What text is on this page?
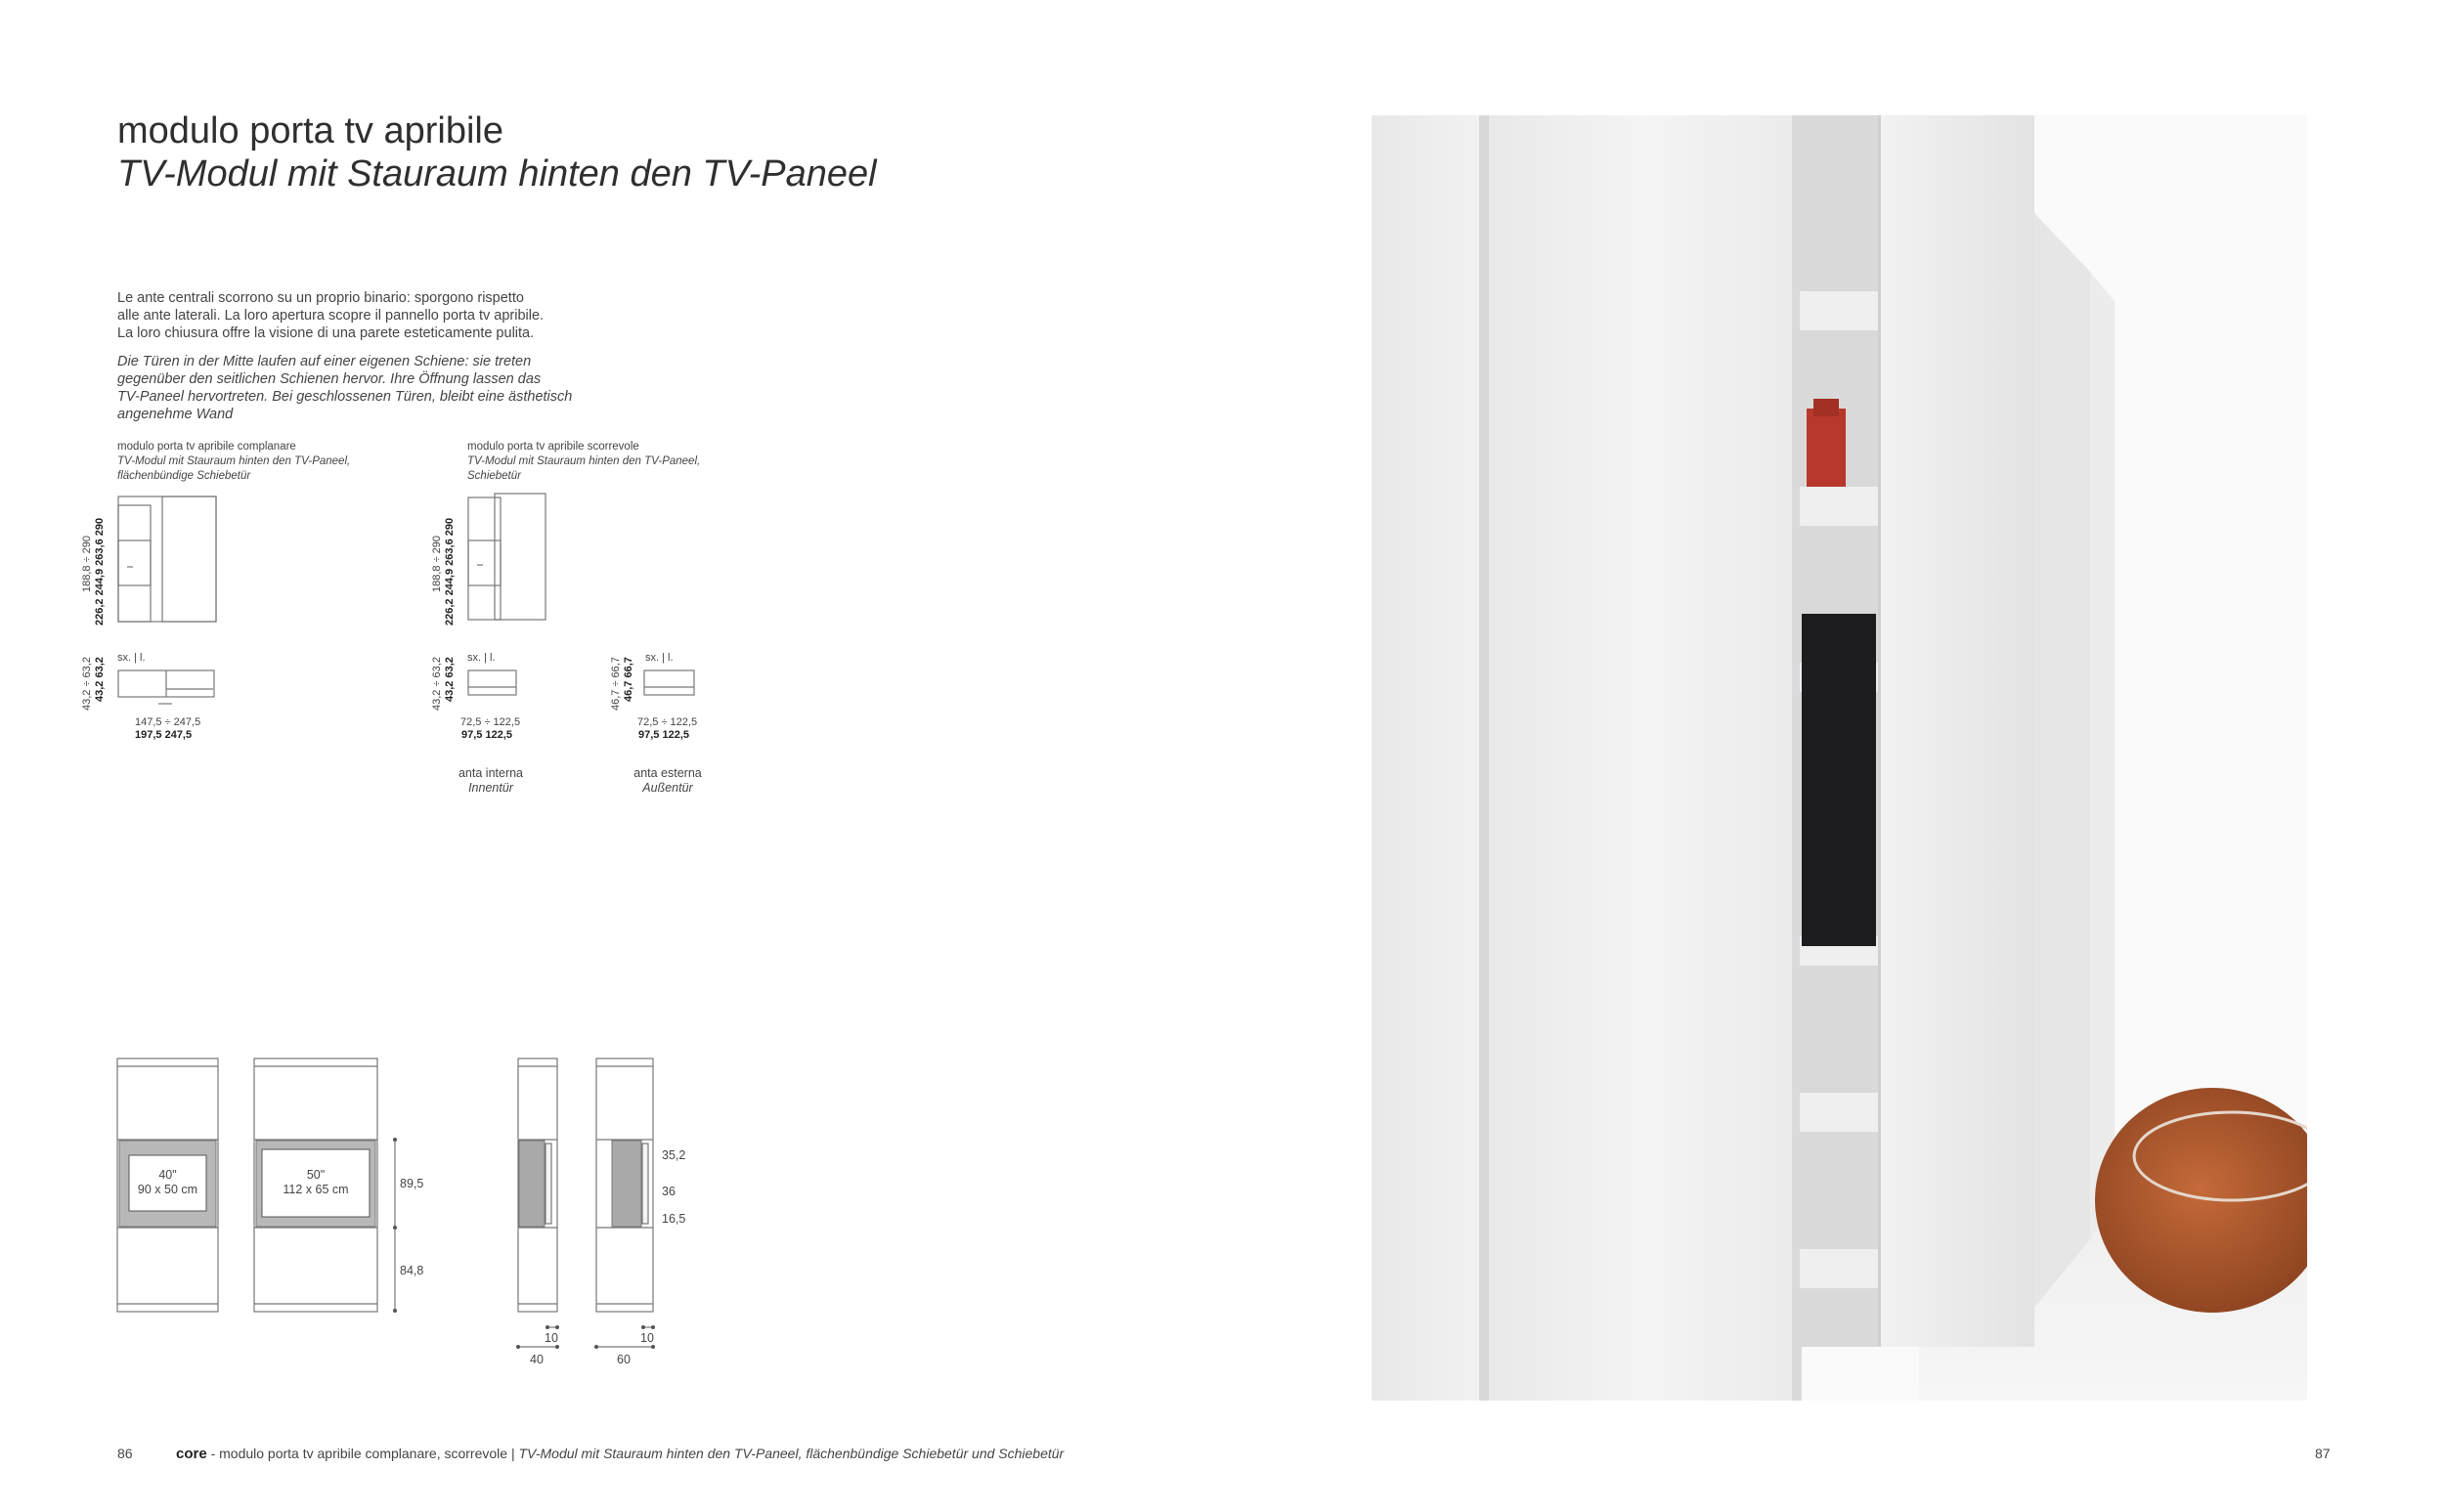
modulo porta tv apribile
TV-Modul mit Stauraum hinten den TV-Paneel
Le ante centrali scorrono su un proprio binario: sporgono rispetto
alle ante laterali. La loro apertura scopre il pannello porta tv apribile.
La loro chiusura offre la visione di una parete esteticamente pulita.
Die Türen in der Mitte laufen auf einer eigenen Schiene: sie treten
gegenüber den seitlichen Schienen hervor. Ihre Öffnung lassen das
TV-Paneel hervortreten. Bei geschlossenen Türen, bleibt eine ästhetisch
angenehme Wand
modulo porta tv apribile complanare
TV-Modul mit Stauraum hinten den TV-Paneel,
flächenbündige Schiebetür
188,8 ÷ 290 226,2 244,9 263,6 290
43,2 ÷ 63,2 43,2 63,2 sx. | l.
147,5 ÷ 247,5
197,5 247,5
modulo porta tv apribile scorrevole
TV-Modul mit Stauraum hinten den TV-Paneel,
Schiebetür
188,8 ÷ 290 226,2 244,9 263,6 290
43,2 ÷ 63,2 43,2 63,2 sx. | l.
72,5 ÷ 122,5
97,5 122,5
anta interna
Innentür
46,7 ÷ 66,7 46,7 66,7 sx. | l.
72,5 ÷ 122,5
97,5 122,5
anta esterna
Außentür
40"
90 x 50 cm
50"
112 x 65 cm	89,5
84,8
35,2
36
16,5
10
40
10
60
86	core - modulo porta tv apribile complanare, scorrevole | TV-Modul mit Stauraum hinten den TV-Paneel, flächenbündige Schiebetür und Schiebetür	87
